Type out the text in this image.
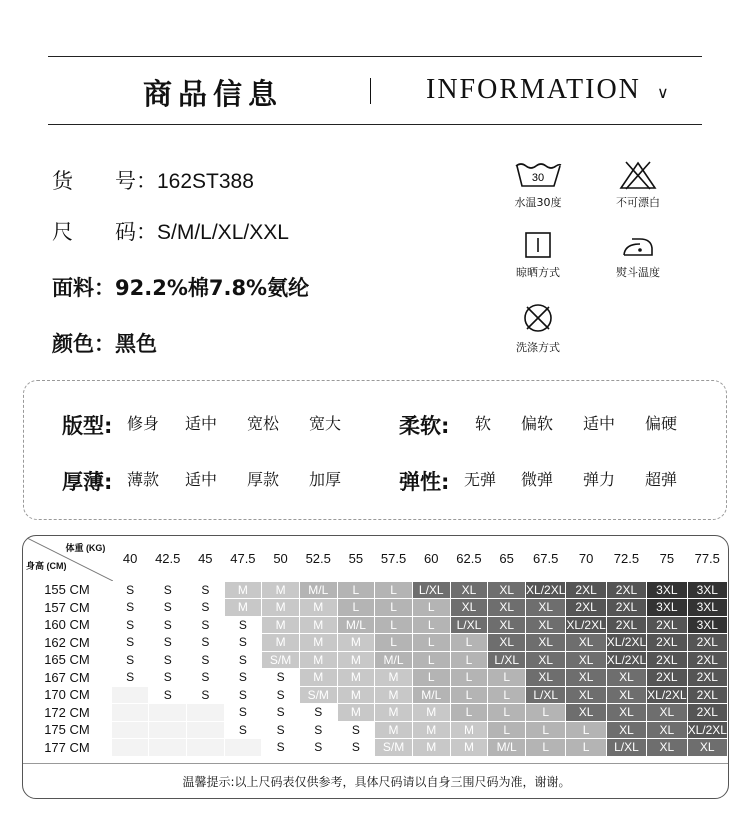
商品信息	INFORMATION ∨
货　　号：162ST388
尺　　码：S/M/L/XL/XXL
面料：92.2%棉7.8%氨纶
颜色：黑色
30
水温30度	不可漂白
晾晒方式	熨斗温度
洗涤方式
版型: 修身 适中 宽松 宽大	柔软: 软 偏软 适中 偏硬
厚薄: 薄款 适中 厚款 加厚	弹性: 无弹 微弹 弹力 超弹
体重 (KG)
身高 (CM)	40	42.5	45	47.5	50	52.5	55	57.5	60	62.5	65	67.5	70	72.5	75	77.5
155 CM	S	S	S	M	M	M/L	L	L	L/XL	XL	XL	XL/2XL	2XL	2XL	3XL	3XL
157 CM	S	S	S	M	M	M	L	L	L	XL	XL	XL	2XL	2XL	3XL	3XL
160 CM	S	S	S	S	M	M	M/L	L	L	L/XL	XL	XL	XL/2XL	2XL	2XL	3XL
162 CM	S	S	S	S	M	M	M	L	L	L	XL	XL	XL	XL/2XL	2XL	2XL
165 CM	S	S	S	S	S/M	M	M	M/L	L	L	L/XL	XL	XL	XL/2XL	2XL	2XL
167 CM	S	S	S	S	S	M	M	M	L	L	L	XL	XL	XL	2XL	2XL
170 CM		S	S	S	S	S/M	M	M	M/L	L	L	L/XL	XL	XL	XL/2XL	2XL
172 CM				S	S	S	M	M	M	L	L	L	XL	XL	XL	2XL
175 CM				S	S	S	S	M	M	M	L	L	L	XL	XL	XL/2XL
177 CM					S	S	S	S/M	M	M	M/L	L	L	L/XL	XL	XL
温馨提示:以上尺码表仅供参考，具体尺码请以自身三围尺码为准，谢谢。
